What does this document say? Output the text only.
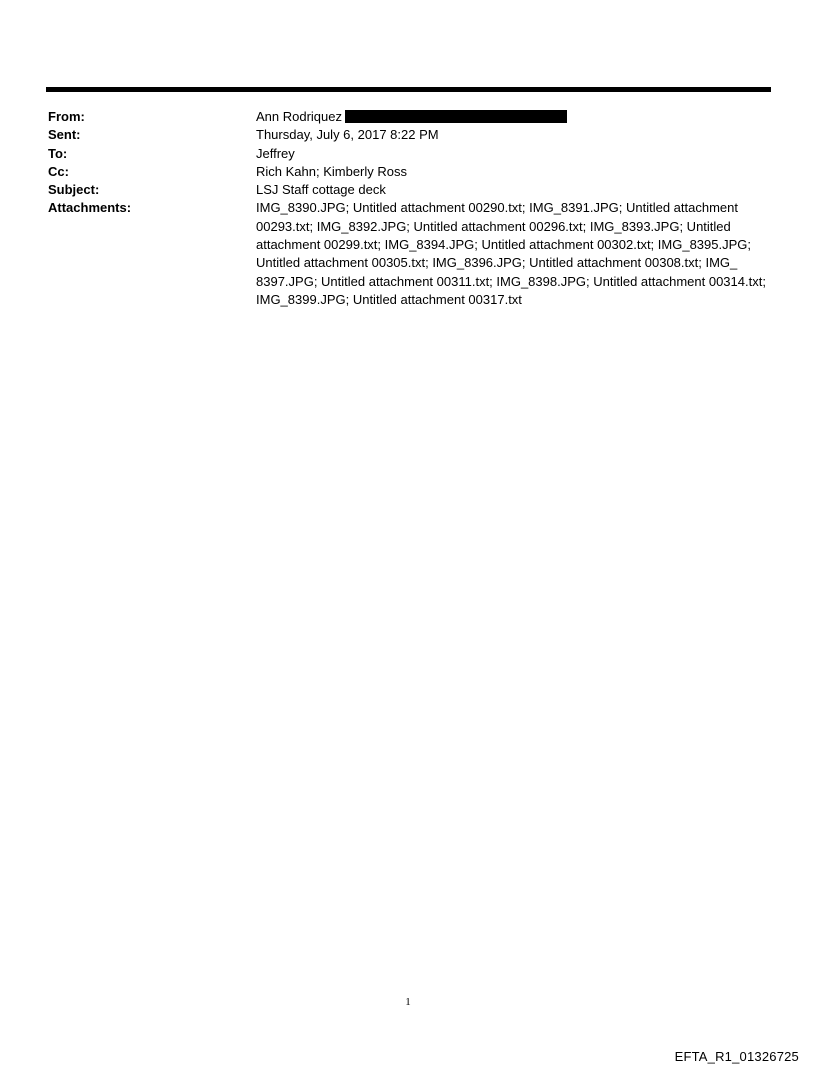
From:	Ann Rodriquez
Sent:	Thursday, July 6, 2017 8:22 PM
To:	Jeffrey
Cc:	Rich Kahn; Kimberly Ross
Subject:	LSJ Staff cottage deck
Attachments:	IMG_8390.JPG; Untitled attachment 00290.txt; IMG_8391.JPG; Untitled attachment 00293.txt; IMG_8392.JPG; Untitled attachment 00296.txt; IMG_8393.JPG; Untitled attachment 00299.txt; IMG_8394.JPG; Untitled attachment 00302.txt; IMG_8395.JPG; Untitled attachment 00305.txt; IMG_8396.JPG; Untitled attachment 00308.txt; IMG_ 8397.JPG; Untitled attachment 00311.txt; IMG_8398.JPG; Untitled attachment 00314.txt; IMG_8399.JPG; Untitled attachment 00317.txt
1
EFTA_R1_01326725
